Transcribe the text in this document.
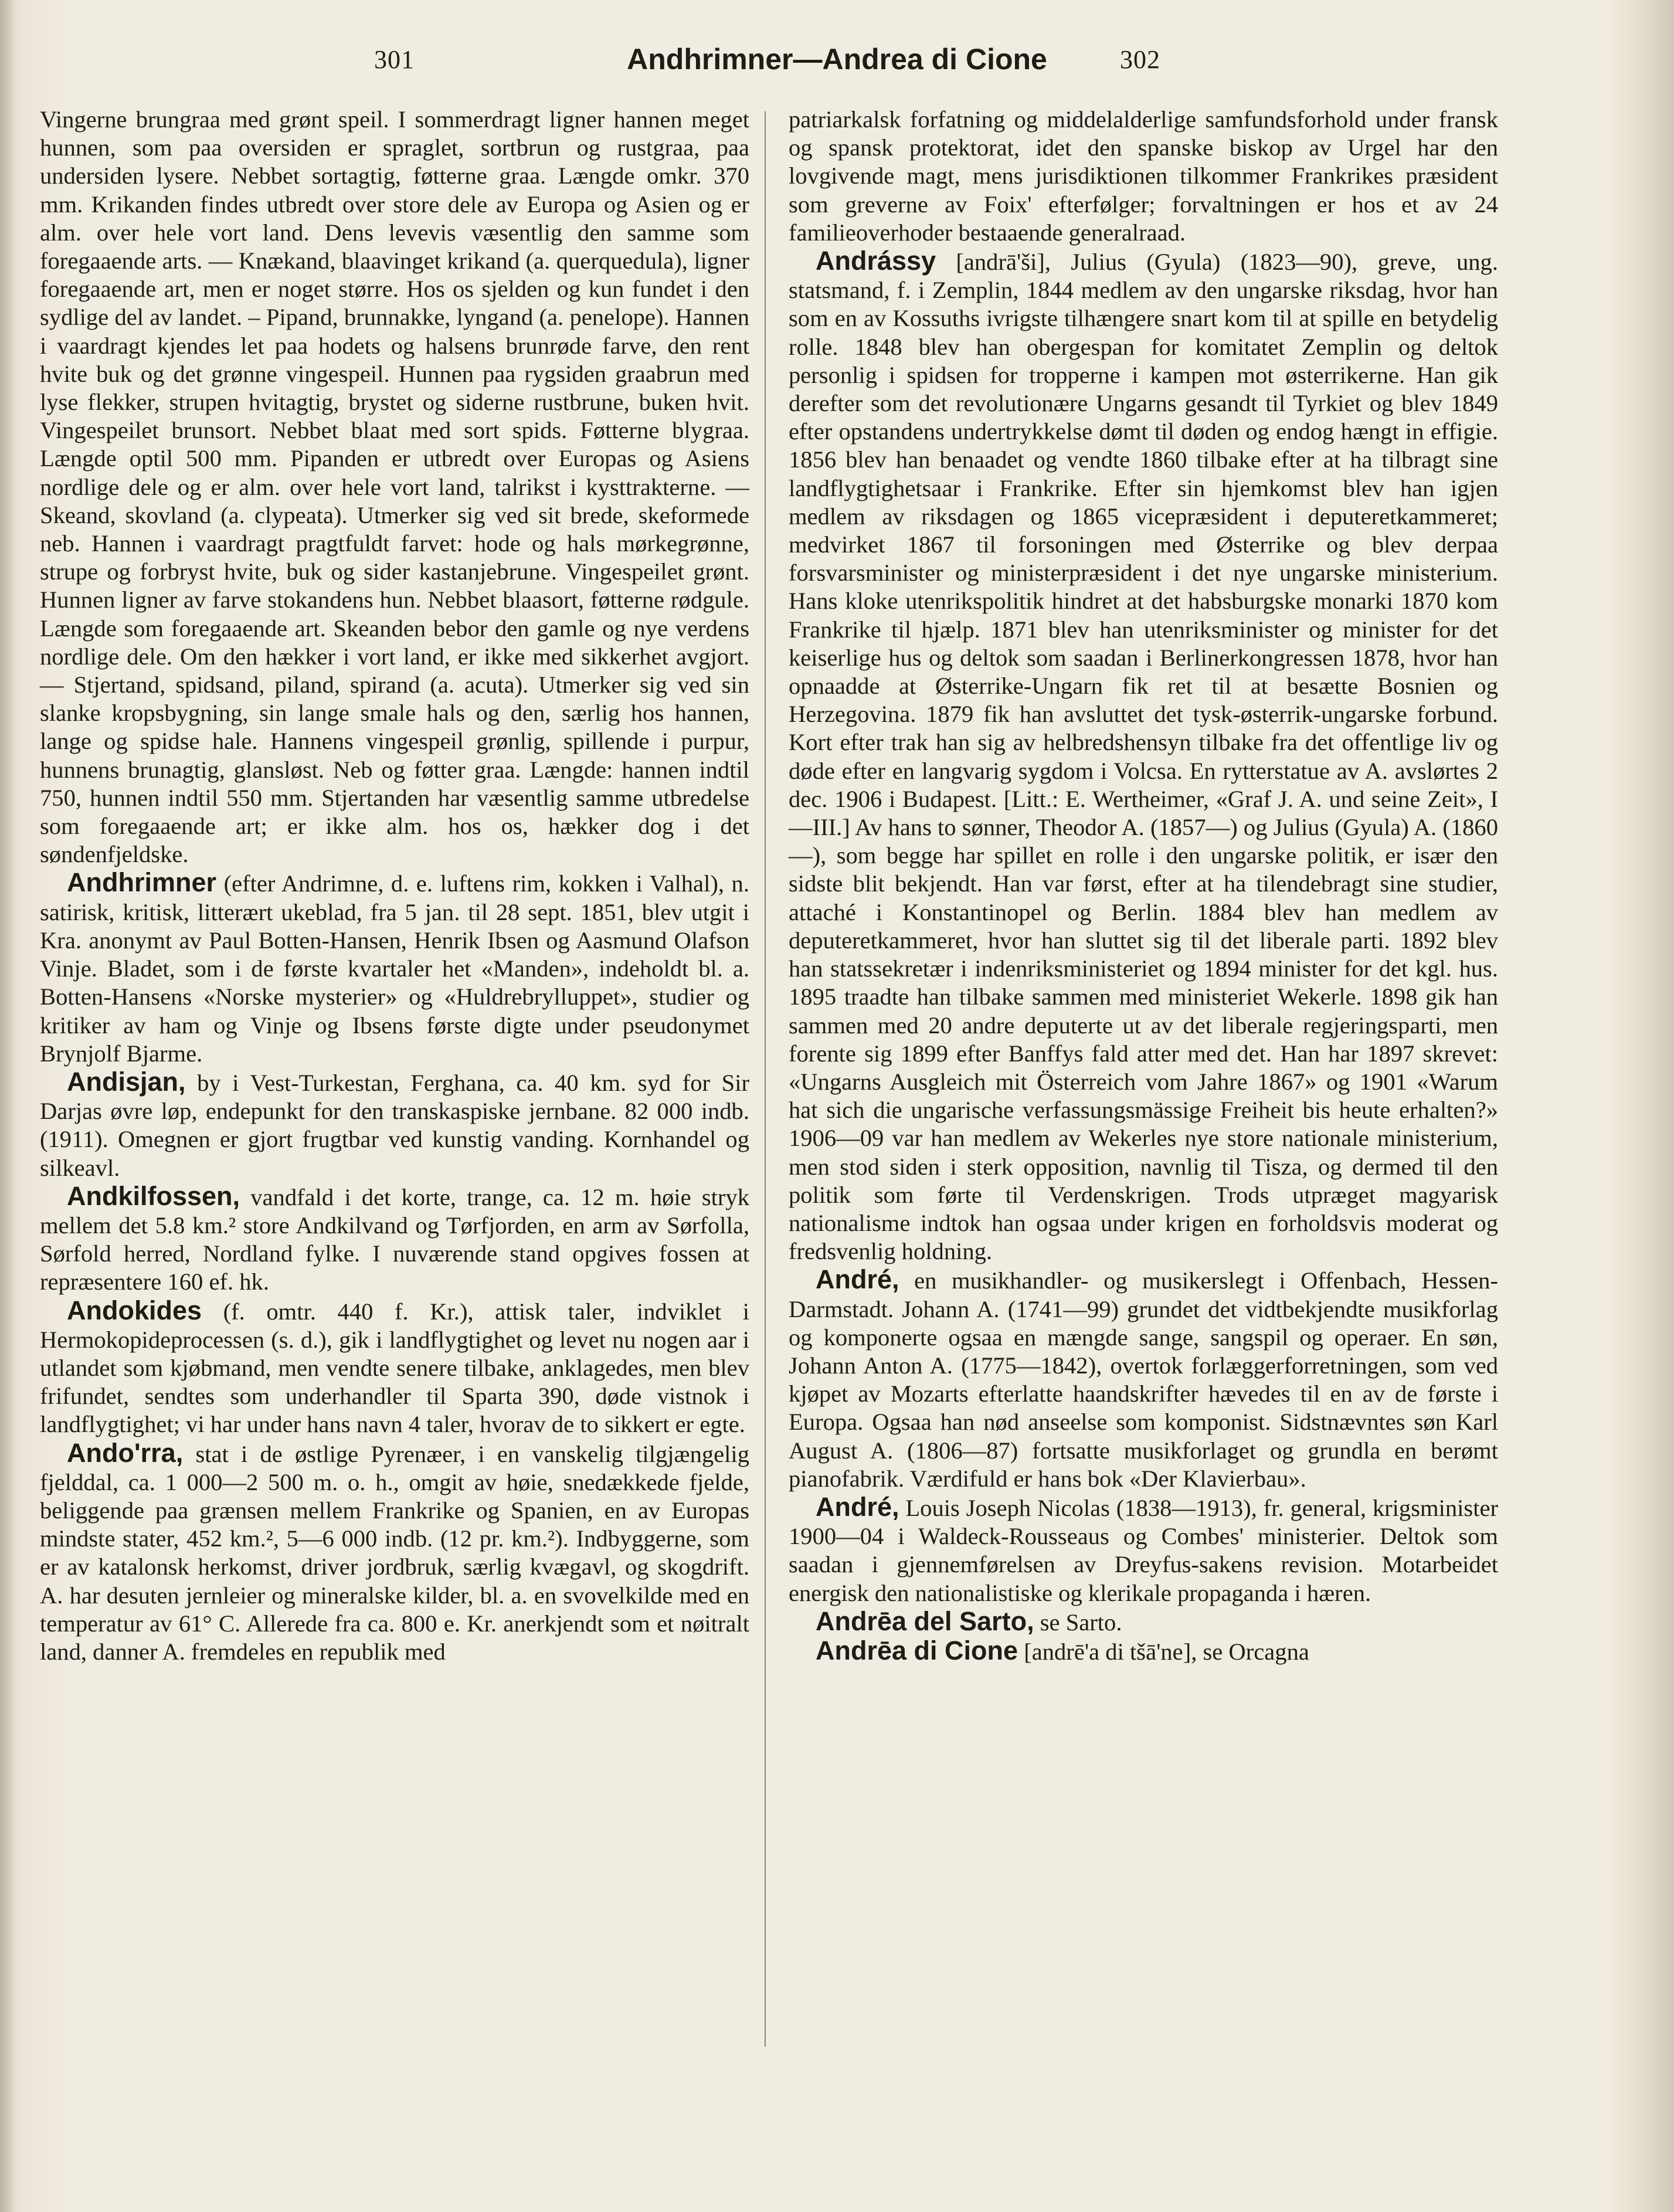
301	Andhrimner—Andrea di Cione	302

Vingerne brungraa med grønt speil. I sommerdragt ligner hannen meget hunnen, som paa oversiden er spraglet, sortbrun og rustgraa, paa undersiden lysere. Nebbet sortagtig, føtterne graa. Længde omkr. 370 mm. Krikanden findes utbredt over store dele av Europa og Asien og er alm. over hele vort land. Dens levevis væsentlig den samme som foregaaende arts. — Knækand, blaavinget krikand (a. querquedula), ligner foregaaende art, men er noget større. Hos os sjelden og kun fundet i den sydlige del av landet. – Pipand, brunnakke, lyngand (a. penelope). Hannen i vaardragt kjendes let paa hodets og halsens brunrøde farve, den rent hvite buk og det grønne vingespeil. Hunnen paa rygsiden graabrun med lyse flekker, strupen hvitagtig, brystet og siderne rustbrune, buken hvit. Vingespeilet brunsort. Nebbet blaat med sort spids. Føtterne blygraa. Længde optil 500 mm. Pipanden er utbredt over Europas og Asiens nordlige dele og er alm. over hele vort land, talrikst i kysttrakterne. — Skeand, skovland (a. clypeata). Utmerker sig ved sit brede, skeformede neb. Hannen i vaardragt pragtfuldt farvet: hode og hals mørkegrønne, strupe og forbryst hvite, buk og sider kastanjebrune. Vingespeilet grønt. Hunnen ligner av farve stokandens hun. Nebbet blaasort, føtterne rødgule. Længde som foregaaende art. Skeanden bebor den gamle og nye verdens nordlige dele. Om den hækker i vort land, er ikke med sikkerhet avgjort. — Stjertand, spidsand, piland, spirand (a. acuta). Utmerker sig ved sin slanke kropsbygning, sin lange smale hals og den, særlig hos hannen, lange og spidse hale. Hannens vingespeil grønlig, spillende i purpur, hunnens brunagtig, glansløst. Neb og føtter graa. Længde: hannen indtil 750, hunnen indtil 550 mm. Stjertanden har væsentlig samme utbredelse som foregaaende art; er ikke alm. hos os, hækker dog i det søndenfjeldske.

Andhrimner (efter Andrimne, d. e. luftens rim, kokken i Valhal), n. satirisk, kritisk, litterært ukeblad, fra 5 jan. til 28 sept. 1851, blev utgit i Kra. anonymt av Paul Botten-Hansen, Henrik Ibsen og Aasmund Olafson Vinje. Bladet, som i de første kvartaler het «Manden», indeholdt bl. a. Botten-Hansens «Norske mysterier» og «Huldrebrylluppet», studier og kritiker av ham og Vinje og Ibsens første digte under pseudonymet Brynjolf Bjarme.

Andisjan, by i Vest-Turkestan, Ferghana, ca. 40 km. syd for Sir Darjas øvre løp, endepunkt for den transkaspiske jernbane. 82 000 indb. (1911). Omegnen er gjort frugtbar ved kunstig vanding. Kornhandel og silkeavl.

Andkilfossen, vandfald i det korte, trange, ca. 12 m. høie stryk mellem det 5.8 km.² store Andkilvand og Tørfjorden, en arm av Sørfolla, Sørfold herred, Nordland fylke. I nuværende stand opgives fossen at repræsentere 160 ef. hk.

Andokides (f. omtr. 440 f. Kr.), attisk taler, indviklet i Hermokopideprocessen (s. d.), gik i landflygtighet og levet nu nogen aar i utlandet som kjøbmand, men vendte senere tilbake, anklagedes, men blev frifundet, sendtes som underhandler til Sparta 390, døde vistnok i landflygtighet; vi har under hans navn 4 taler, hvorav de to sikkert er egte.

Ando'rra, stat i de østlige Pyrenæer, i en vanskelig tilgjængelig fjelddal, ca. 1 000—2 500 m. o. h., omgit av høie, snedækkede fjelde, beliggende paa grænsen mellem Frankrike og Spanien, en av Europas mindste stater, 452 km.², 5—6 000 indb. (12 pr. km.²). Indbyggerne, som er av katalonsk herkomst, driver jordbruk, særlig kvægavl, og skogdrift. A. har desuten jernleier og mineralske kilder, bl. a. en svovelkilde med en temperatur av 61° C. Allerede fra ca. 800 e. Kr. anerkjendt som et nøitralt land, danner A. fremdeles en republik med

patriarkalsk forfatning og middelalderlige samfundsforhold under fransk og spansk protektorat, idet den spanske biskop av Urgel har den lovgivende magt, mens jurisdiktionen tilkommer Frankrikes præsident som greverne av Foix' efterfølger; forvaltningen er hos et av 24 familieoverhoder bestaaende generalraad.

Andrássy [andrā'ši], Julius (Gyula) (1823—90), greve, ung. statsmand, f. i Zemplin, 1844 medlem av den ungarske riksdag, hvor han som en av Kossuths ivrigste tilhængere snart kom til at spille en betydelig rolle. 1848 blev han obergespan for komitatet Zemplin og deltok personlig i spidsen for tropperne i kampen mot østerrikerne. Han gik derefter som det revolutionære Ungarns gesandt til Tyrkiet og blev 1849 efter opstandens undertrykkelse dømt til døden og endog hængt in effigie. 1856 blev han benaadet og vendte 1860 tilbake efter at ha tilbragt sine landflygtighetsaar i Frankrike. Efter sin hjemkomst blev han igjen medlem av riksdagen og 1865 vicepræsident i deputeretkammeret; medvirket 1867 til forsoningen med Østerrike og blev derpaa forsvarsminister og ministerpræsident i det nye ungarske ministerium. Hans kloke utenrikspolitik hindret at det habsburgske monarki 1870 kom Frankrike til hjælp. 1871 blev han utenriksminister og minister for det keiserlige hus og deltok som saadan i Berlinerkongressen 1878, hvor han opnaadde at Østerrike-Ungarn fik ret til at besætte Bosnien og Herzegovina. 1879 fik han avsluttet det tysk-østerrik-ungarske forbund. Kort efter trak han sig av helbredshensyn tilbake fra det offentlige liv og døde efter en langvarig sygdom i Volcsa. En rytterstatue av A. avslørtes 2 dec. 1906 i Budapest. [Litt.: E. Wertheimer, «Graf J. A. und seine Zeit», I—III.] Av hans to sønner, Theodor A. (1857—) og Julius (Gyula) A. (1860—), som begge har spillet en rolle i den ungarske politik, er især den sidste blit bekjendt. Han var først, efter at ha tilendebragt sine studier, attaché i Konstantinopel og Berlin. 1884 blev han medlem av deputeretkammeret, hvor han sluttet sig til det liberale parti. 1892 blev han statssekretær i indenriksministeriet og 1894 minister for det kgl. hus. 1895 traadte han tilbake sammen med ministeriet Wekerle. 1898 gik han sammen med 20 andre deputerte ut av det liberale regjeringsparti, men forente sig 1899 efter Banffys fald atter med det. Han har 1897 skrevet: «Ungarns Ausgleich mit Österreich vom Jahre 1867» og 1901 «Warum hat sich die ungarische verfassungsmässige Freiheit bis heute erhalten?» 1906—09 var han medlem av Wekerles nye store nationale ministerium, men stod siden i sterk opposition, navnlig til Tisza, og dermed til den politik som førte til Verdenskrigen. Trods utpræget magyarisk nationalisme indtok han ogsaa under krigen en forholdsvis moderat og fredsvenlig holdning.

André, en musikhandler- og musikerslegt i Offenbach, Hessen-Darmstadt. Johann A. (1741—99) grundet det vidtbekjendte musikforlag og komponerte ogsaa en mængde sange, sangspil og operaer. En søn, Johann Anton A. (1775—1842), overtok forlæggerforretningen, som ved kjøpet av Mozarts efterlatte haandskrifter hævedes til en av de første i Europa. Ogsaa han nød anseelse som komponist. Sidstnævntes søn Karl August A. (1806—87) fortsatte musikforlaget og grundla en berømt pianofabrik. Værdifuld er hans bok «Der Klavierbau».

André, Louis Joseph Nicolas (1838—1913), fr. general, krigsminister 1900—04 i Waldeck-Rousseaus og Combes' ministerier. Deltok som saadan i gjennemførelsen av Dreyfus-sakens revision. Motarbeidet energisk den nationalistiske og klerikale propaganda i hæren.

Andrēa del Sarto, se Sarto.

Andrēa di Cione [andrē'a di tšā'ne], se Orcagna
